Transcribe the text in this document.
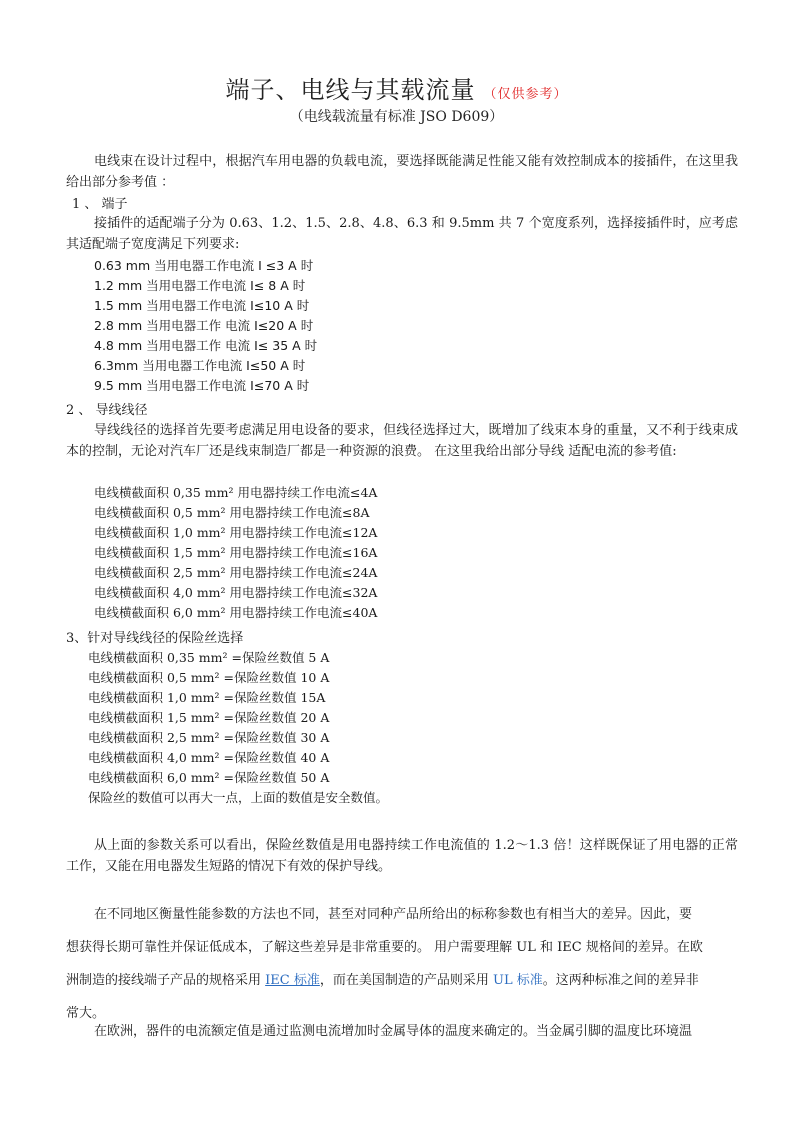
端子、电线与其载流量 （仅供参考）
（电线载流量有标准 JSO D609）
电线束在设计过程中，根据汽车用电器的负载电流，要选择既能满足性能又能有效控制成本的接插件，在这里我给出部分参考值 ：
1 、 端子
接插件的适配端子分为 0.63、1.2、1.5、2.8、4.8、6.3 和 9.5mm 共 7 个宽度系列，选择接插件时，应考虑其适配端子宽度满足下列要求:
0.63 mm 当用电器工作电流 I ≤3 A 时
1.2 mm 当用电器工作电流 I≤ 8 A 时
1.5 mm 当用电器工作电流 I≤10 A 时
2.8 mm 当用电器工作 电流 I≤20 A 时
4.8 mm 当用电器工作 电流 I≤ 35 A 时
6.3mm 当用电器工作电流 I≤50 A 时
9.5 mm 当用电器工作电流 I≤70 A 时
2 、 导线线径
导线线径的选择首先要考虑满足用电设备的要求，但线径选择过大，既增加了线束本身的重量，又不利于线束成本的控制，无论对汽车厂还是线束制造厂都是一种资源的浪费。 在这里我给出部分导线 适配电流的参考值:
电线横截面积 0,35 mm² 用电器持续工作电流≤4A
电线横截面积 0,5 mm² 用电器持续工作电流≤8A
电线横截面积 1,0 mm² 用电器持续工作电流≤12A
电线横截面积 1,5 mm² 用电器持续工作电流≤16A
电线横截面积 2,5 mm² 用电器持续工作电流≤24A
电线横截面积 4,0 mm² 用电器持续工作电流≤32A
电线横截面积 6,0 mm² 用电器持续工作电流≤40A
3、针对导线线径的保险丝选择
电线横截面积 0,35 mm² =保险丝数值 5 A
电线横截面积 0,5 mm² =保险丝数值 10 A
电线横截面积 1,0 mm² =保险丝数值 15A
电线横截面积 1,5 mm² =保险丝数值 20 A
电线横截面积 2,5 mm² =保险丝数值 30 A
电线横截面积 4,0 mm² =保险丝数值 40 A
电线横截面积 6,0 mm² =保险丝数值 50 A
保险丝的数值可以再大一点，上面的数值是安全数值。
从上面的参数关系可以看出，保险丝数值是用电器持续工作电流值的 1.2～1.3 倍！这样既保证了用电器的正常工作，又能在用电器发生短路的情况下有效的保护导线。
在不同地区衡量性能参数的方法也不同，甚至对同种产品所给出的标称参数也有相当大的差异。因此，要
想获得长期可靠性并保证低成本，了解这些差异是非常重要的。 用户需要理解 UL 和 IEC 规格间的差异。在欧
洲制造的接线端子产品的规格采用 IEC 标准，而在美国制造的产品则采用 UL 标准。这两种标准之间的差异非
常大。
在欧洲，器件的电流额定值是通过监测电流增加时金属导体的温度来确定的。当金属引脚的温度比环境温
